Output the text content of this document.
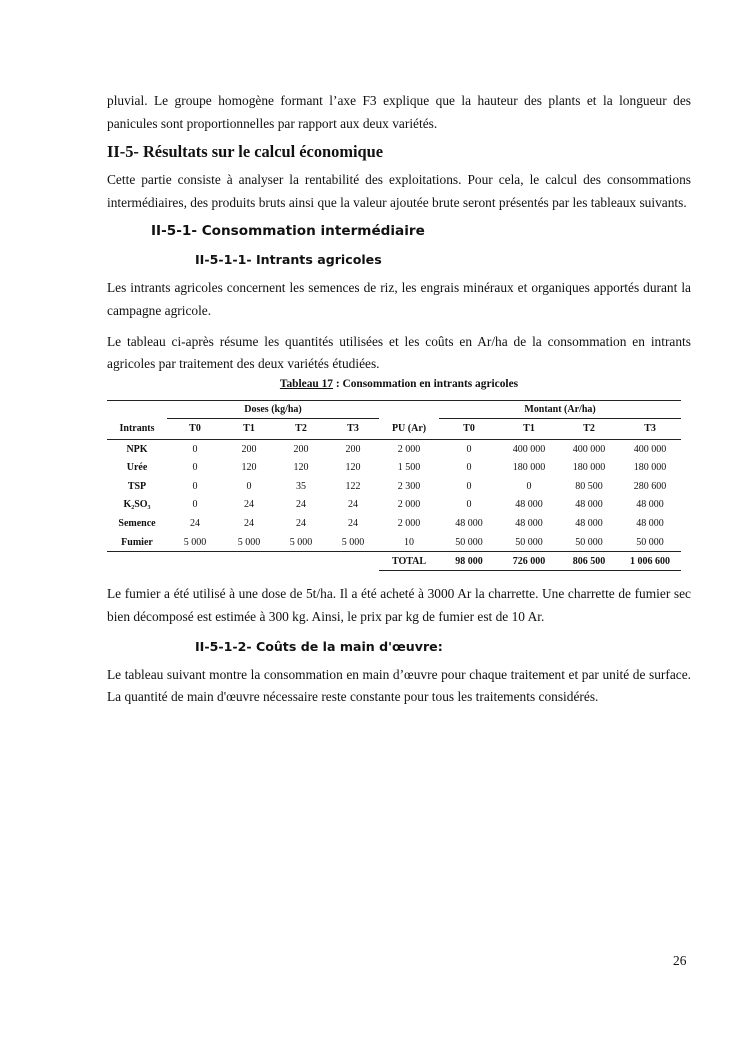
pluvial. Le groupe homogène formant l’axe F3 explique que la hauteur des plants et la longueur des panicules sont proportionnelles par rapport aux deux variétés.

II-5- Résultats sur le calcul économique

Cette partie consiste à analyser la rentabilité des exploitations. Pour cela, le calcul des consommations intermédiaires, des produits bruts ainsi que la valeur ajoutée brute seront présentés par les tableaux suivants.

II-5-1- Consommation intermédiaire
II-5-1-1- Intrants agricoles

Les intrants agricoles concernent les semences de riz, les engrais minéraux et organiques apportés durant la campagne agricole.

Le tableau ci-après résume les quantités utilisées et les coûts en Ar/ha de la consommation en intrants agricoles par traitement des deux variétés étudiées.

Tableau 17 : Consommation en intrants agricoles
	Doses (kg/ha)					Montant (Ar/ha)			
Intrants	T0	T1	T2	T3	PU (Ar)	T0	T1	T2	T3
NPK	0	200	200	200	2 000	0	400 000	400 000	400 000
Urée	0	120	120	120	1 500	0	180 000	180 000	180 000
TSP	0	0	35	122	2 300	0	0	80 500	280 600
K₂SO₃	0	24	24	24	2 000	0	48 000	48 000	48 000
Semence	24	24	24	24	2 000	48 000	48 000	48 000	48 000
Fumier	5 000	5 000	5 000	5 000	10	50 000	50 000	50 000	50 000
					TOTAL	98 000	726 000	806 500	1 006 600

Le fumier a été utilisé à une dose de 5t/ha. Il a été acheté à 3000 Ar la charrette. Une charrette de fumier sec bien décomposé est estimée à 300 kg. Ainsi, le prix par kg de fumier est de 10 Ar.

II-5-1-2- Coûts de la main d'œuvre:

Le tableau suivant montre la consommation en main d’œuvre pour chaque traitement et par unité de surface. La quantité de main d'œuvre nécessaire reste constante pour tous les traitements considérés.

26
